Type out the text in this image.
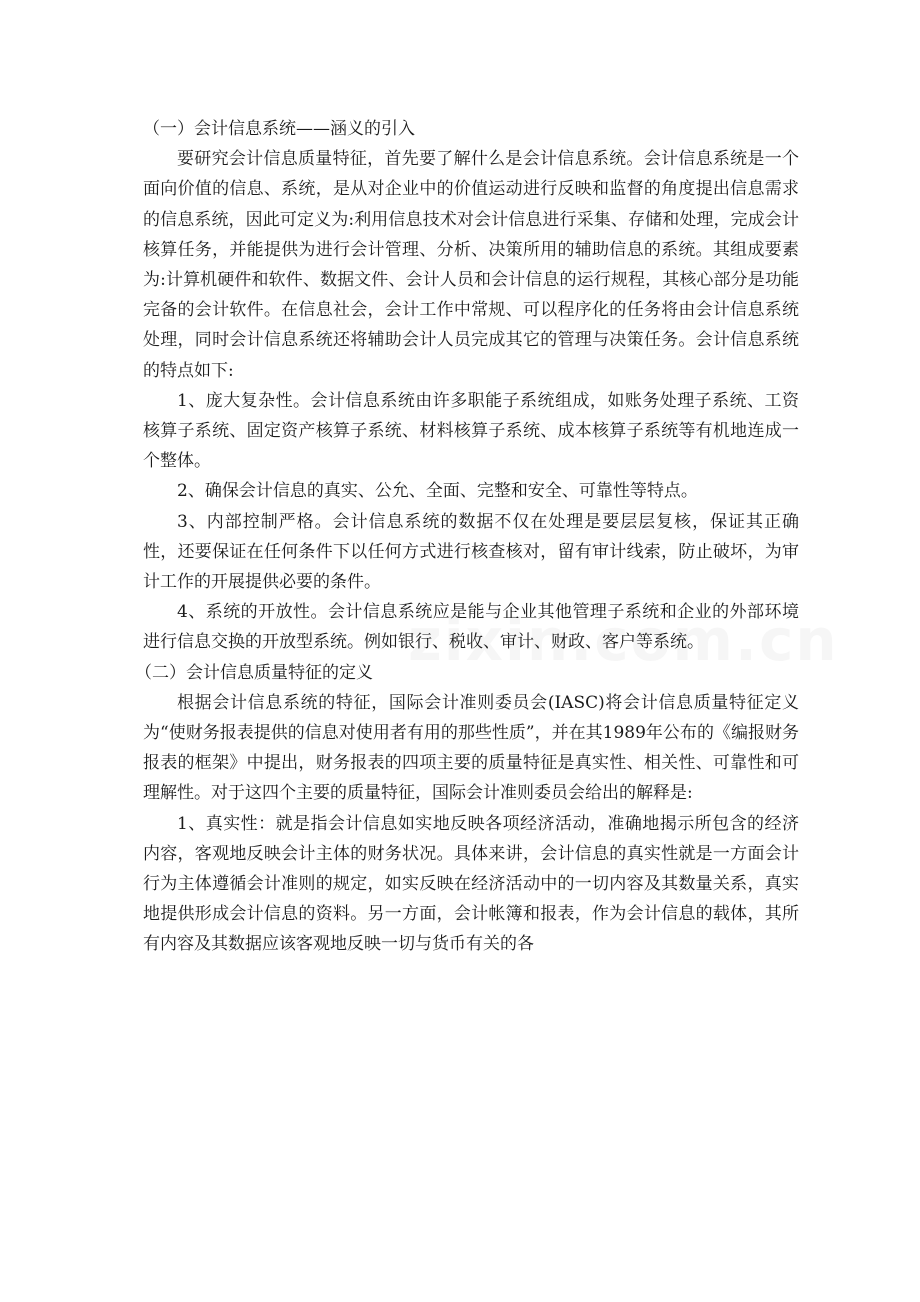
（一）会计信息系统——涵义的引入

要研究会计信息质量特征，首先要了解什么是会计信息系统。会计信息系统是一个面向价值的信息、系统，是从对企业中的价值运动进行反映和监督的角度提出信息需求的信息系统，因此可定义为:利用信息技术对会计信息进行采集、存储和处理，完成会计核算任务，并能提供为进行会计管理、分析、决策所用的辅助信息的系统。其组成要素为:计算机硬件和软件、数据文件、会计人员和会计信息的运行规程，其核心部分是功能完备的会计软件。在信息社会，会计工作中常规、可以程序化的任务将由会计信息系统处理，同时会计信息系统还将辅助会计人员完成其它的管理与决策任务。会计信息系统的特点如下:

1、庞大复杂性。会计信息系统由许多职能子系统组成，如账务处理子系统、工资核算子系统、固定资产核算子系统、材料核算子系统、成本核算子系统等有机地连成一个整体。

2、确保会计信息的真实、公允、全面、完整和安全、可靠性等特点。

3、内部控制严格。会计信息系统的数据不仅在处理是要层层复核，保证其正确性，还要保证在任何条件下以任何方式进行核查核对，留有审计线索，防止破坏，为审计工作的开展提供必要的条件。

4、系统的开放性。会计信息系统应是能与企业其他管理子系统和企业的外部环境进行信息交换的开放型系统。例如银行、税收、审计、财政、客户等系统。

（二）会计信息质量特征的定义

根据会计信息系统的特征，国际会计准则委员会(IASC)将会计信息质量特征定义为“使财务报表提供的信息对使用者有用的那些性质”，并在其1989年公布的《编报财务报表的框架》中提出，财务报表的四项主要的质量特征是真实性、相关性、可靠性和可理解性。对于这四个主要的质量特征，国际会计准则委员会给出的解释是:

1、真实性：就是指会计信息如实地反映各项经济活动，准确地揭示所包含的经济内容，客观地反映会计主体的财务状况。具体来讲，会计信息的真实性就是一方面会计行为主体遵循会计准则的规定，如实反映在经济活动中的一切内容及其数量关系，真实地提供形成会计信息的资料。另一方面，会计帐簿和报表，作为会计信息的载体，其所有内容及其数据应该客观地反映一切与货币有关的各
